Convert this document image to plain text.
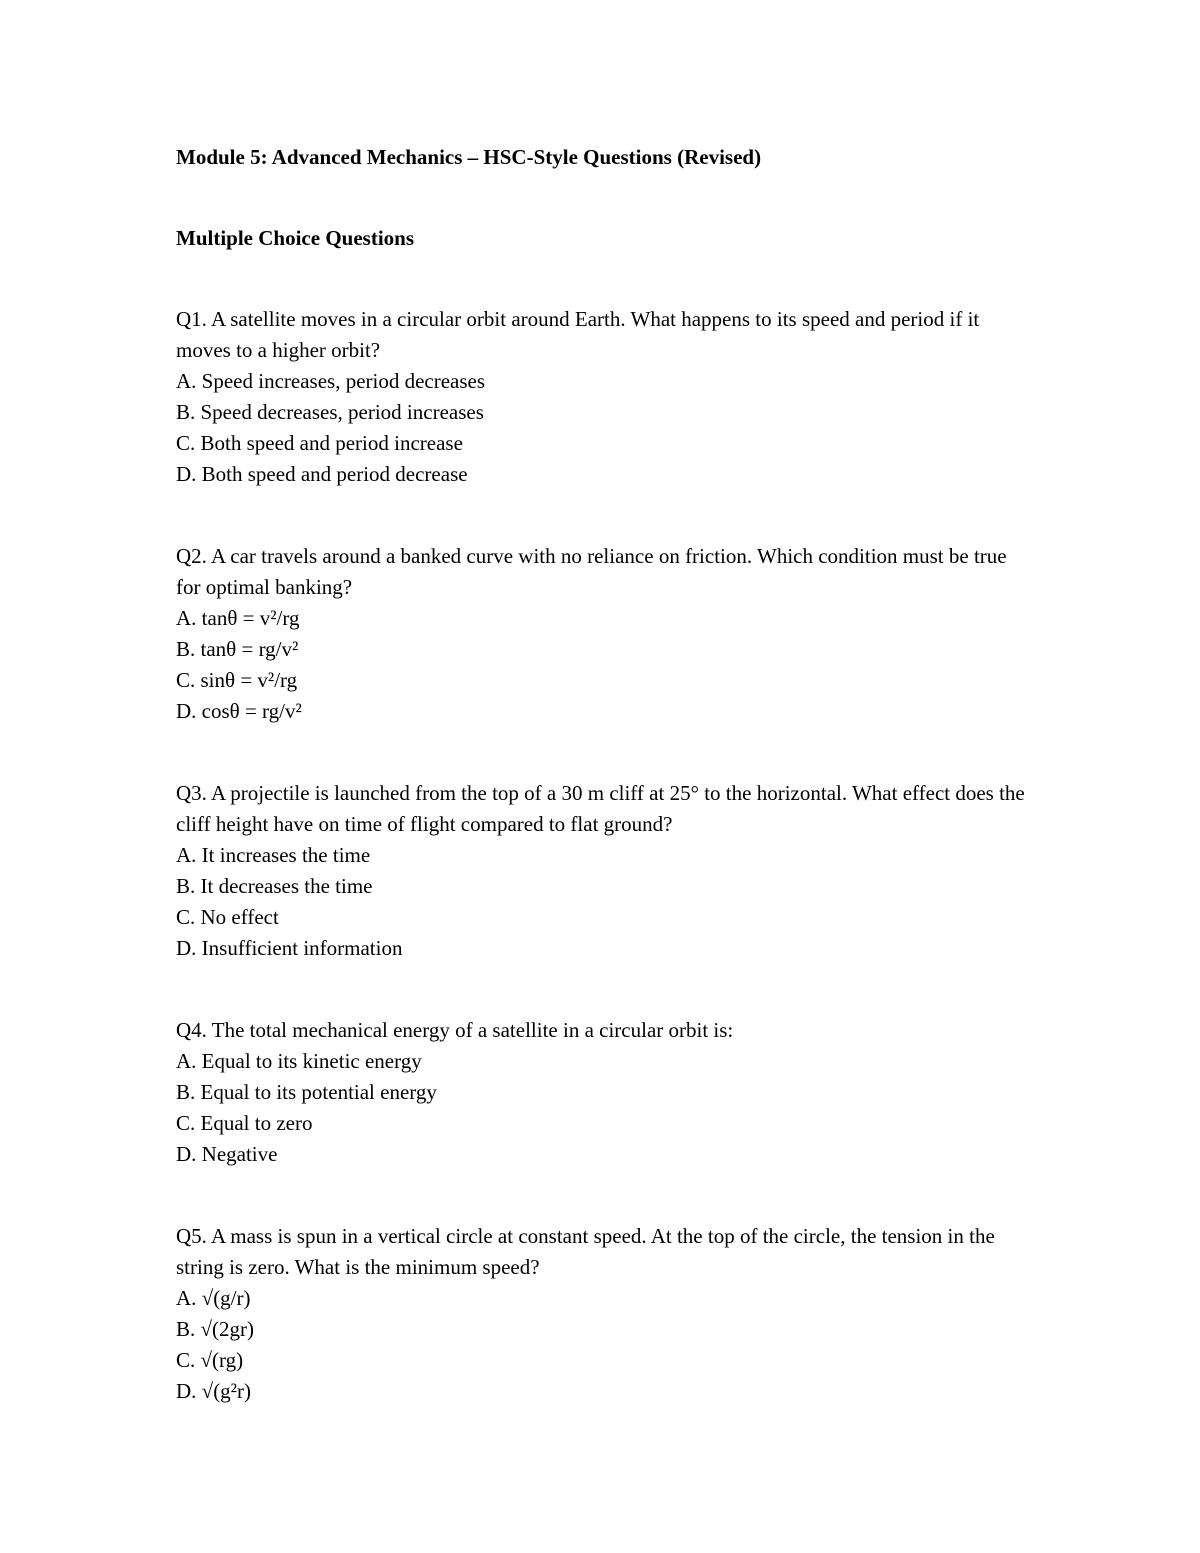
Module 5: Advanced Mechanics – HSC-Style Questions (Revised)
Multiple Choice Questions
Q1. A satellite moves in a circular orbit around Earth. What happens to its speed and period if it moves to a higher orbit?
A. Speed increases, period decreases
B. Speed decreases, period increases
C. Both speed and period increase
D. Both speed and period decrease
Q2. A car travels around a banked curve with no reliance on friction. Which condition must be true for optimal banking?
A. tanθ = v²/rg
B. tanθ = rg/v²
C. sinθ = v²/rg
D. cosθ = rg/v²
Q3. A projectile is launched from the top of a 30 m cliff at 25° to the horizontal. What effect does the cliff height have on time of flight compared to flat ground?
A. It increases the time
B. It decreases the time
C. No effect
D. Insufficient information
Q4. The total mechanical energy of a satellite in a circular orbit is:
A. Equal to its kinetic energy
B. Equal to its potential energy
C. Equal to zero
D. Negative
Q5. A mass is spun in a vertical circle at constant speed. At the top of the circle, the tension in the string is zero. What is the minimum speed?
A. √(g/r)
B. √(2gr)
C. √(rg)
D. √(g²r)
